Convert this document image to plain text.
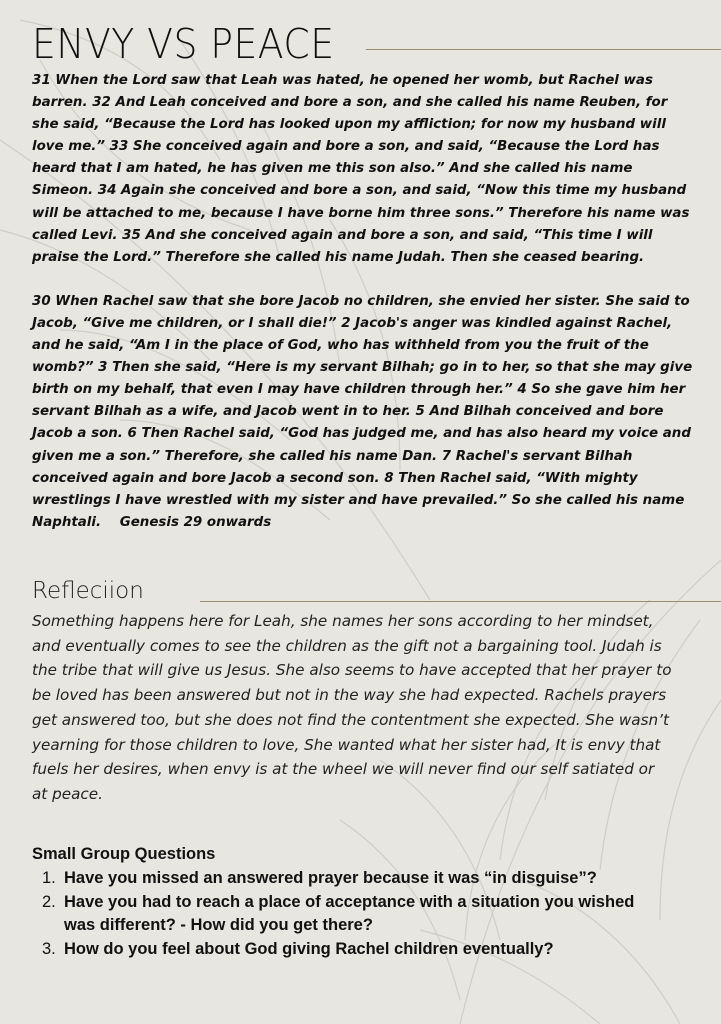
ENVY VS PEACE

31 When the Lord saw that Leah was hated, he opened her womb, but Rachel was barren. 32 And Leah conceived and bore a son, and she called his name Reuben, for she said, “Because the Lord has looked upon my affliction; for now my husband will love me.” 33 She conceived again and bore a son, and said, “Because the Lord has heard that I am hated, he has given me this son also.” And she called his name Simeon. 34 Again she conceived and bore a son, and said, “Now this time my husband will be attached to me, because I have borne him three sons.” Therefore his name was called Levi. 35 And she conceived again and bore a son, and said, “This time I will praise the Lord.” Therefore she called his name Judah. Then she ceased bearing.

30 When Rachel saw that she bore Jacob no children, she envied her sister. She said to Jacob, “Give me children, or I shall die!” 2 Jacob's anger was kindled against Rachel, and he said, “Am I in the place of God, who has withheld from you the fruit of the womb?” 3 Then she said, “Here is my servant Bilhah; go in to her, so that she may give birth on my behalf, that even I may have children through her.” 4 So she gave him her servant Bilhah as a wife, and Jacob went in to her. 5 And Bilhah conceived and bore Jacob a son. 6 Then Rachel said, “God has judged me, and has also heard my voice and given me a son.” Therefore, she called his name Dan. 7 Rachel's servant Bilhah conceived again and bore Jacob a second son. 8 Then Rachel said, “With mighty wrestlings I have wrestled with my sister and have prevailed.” So she called his name Naphtali. Genesis 29 onwards

Refleciion
Something happens here for Leah, she names her sons according to her mindset, and eventually comes to see the children as the gift not a bargaining tool. Judah is the tribe that will give us Jesus. She also seems to have accepted that her prayer to be loved has been answered but not in the way she had expected. Rachels prayers get answered too, but she does not find the contentment she expected. She wasn’t yearning for those children to love, She wanted what her sister had, It is envy that fuels her desires, when envy is at the wheel we will never find our self satiated or at peace.
Small Group Questions
1. Have you missed an answered prayer because it was “in disguise”?
2. Have you had to reach a place of acceptance with a situation you wished was different? - How did you get there?
3. How do you feel about God giving Rachel children eventually?
